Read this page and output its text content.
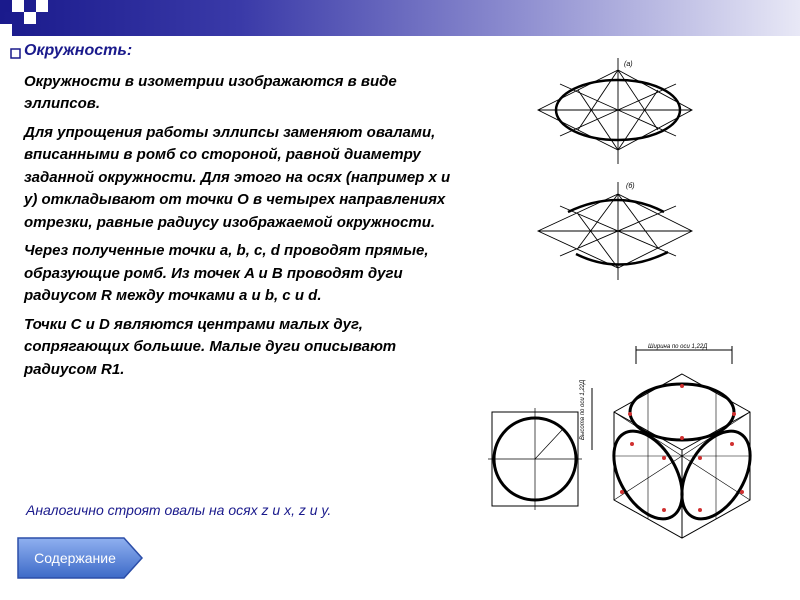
Окружность:

Окружности в изометрии изображаются в виде эллипсов.

Для упрощения работы эллипсы заменяют овалами, вписанными в ромб со стороной, равной диаметру заданной окружности. Для этого на осях (например x и y) откладывают от точки О в четырех направлениях отрезки, равные радиусу изображаемой окружности.

Через полученные точки a, b, c, d проводят прямые, образующие ромб. Из точек A и B проводят дуги радиусом R между точками a и b, c и d.

Точки C и D являются центрами малых дуг, сопрягающих большие. Малые дуги описывают радиусом R1.

Аналогично строят овалы на осях z и x, z и y.
Содержание
(а)
(б)
Ширина по оси 1,22Д
Высота по оси 1,22Д
